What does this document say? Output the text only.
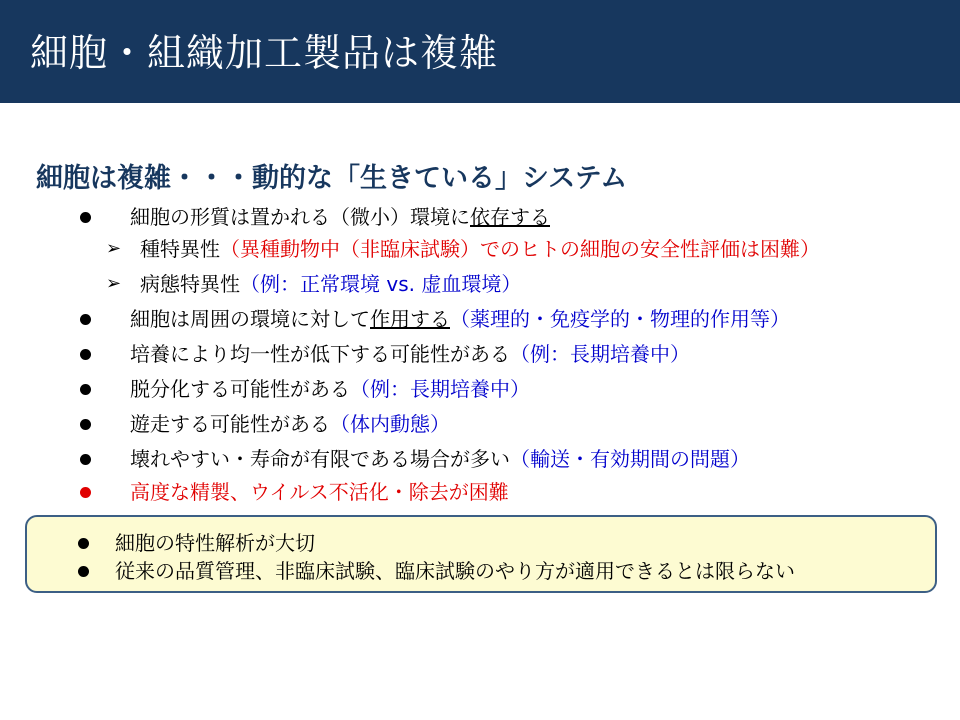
細胞・組織加工製品は複雑
細胞は複雑・・・動的な「生きている」システム
細胞の形質は置かれる（微小）環境に依存する
➢ 種特異性（異種動物中（非臨床試験）でのヒトの細胞の安全性評価は困難）
➢ 病態特異性（例：正常環境 vs. 虚血環境）
細胞は周囲の環境に対して作用する（薬理的・免疫学的・物理的作用等）
培養により均一性が低下する可能性がある（例：長期培養中）
脱分化する可能性がある（例：長期培養中）
遊走する可能性がある（体内動態）
壊れやすい・寿命が有限である場合が多い（輸送・有効期間の問題）
高度な精製、ウイルス不活化・除去が困難
細胞の特性解析が大切
従来の品質管理、非臨床試験、臨床試験のやり方が適用できるとは限らない
